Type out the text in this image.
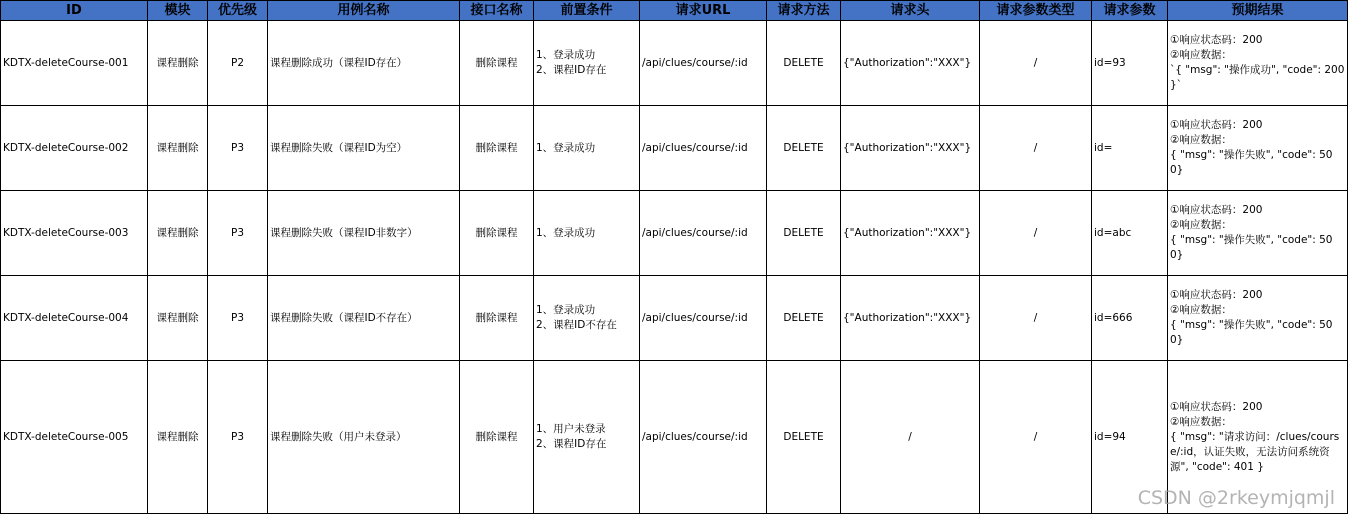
ID	模块	优先级	用例名称	接口名称	前置条件	请求URL	请求方法	请求头	请求参数类型	请求参数	预期结果
KDTX-deleteCourse-001	课程删除	P2	课程删除成功（课程ID存在）	删除课程	1、登录成功
2、课程ID存在	/api/clues/course/:id	DELETE	{"Authorization":"XXX"}	/	id=93	①响应状态码：200
②响应数据：
`{ "msg": "操作成功", "code": 200 }`
KDTX-deleteCourse-002	课程删除	P3	课程删除失败（课程ID为空）	删除课程	1、登录成功	/api/clues/course/:id	DELETE	{"Authorization":"XXX"}	/	id=	①响应状态码：200
②响应数据：
{ "msg": "操作失败", "code": 500}
KDTX-deleteCourse-003	课程删除	P3	课程删除失败（课程ID非数字）	删除课程	1、登录成功	/api/clues/course/:id	DELETE	{"Authorization":"XXX"}	/	id=abc	①响应状态码：200
②响应数据：
{ "msg": "操作失败", "code": 500}
KDTX-deleteCourse-004	课程删除	P3	课程删除失败（课程ID不存在）	删除课程	1、登录成功
2、课程ID不存在	/api/clues/course/:id	DELETE	{"Authorization":"XXX"}	/	id=666	①响应状态码：200
②响应数据：
{ "msg": "操作失败", "code": 500}
KDTX-deleteCourse-005	课程删除	P3	课程删除失败（用户未登录）	删除课程	1、用户未登录
2、课程ID存在	/api/clues/course/:id	DELETE	/	/	id=94	①响应状态码：200
②响应数据：
{ "msg": "请求访问：/clues/course/:id，认证失败，无法访问系统资源", "code": 401 }
CSDN @2rkeymjqmjl
